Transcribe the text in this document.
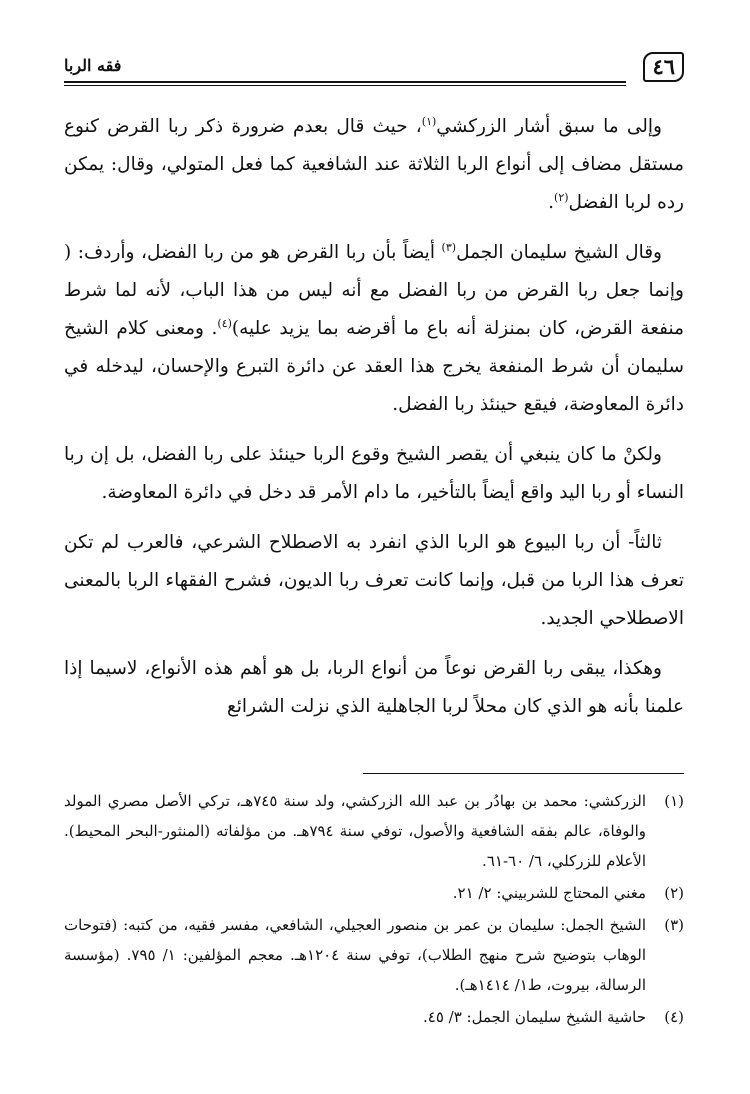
٤٦
فقه الربا

وإلى ما سبق أشار الزركشي$^{(١)}$، حيث قال بعدم ضرورة ذكر ربا القرض كنوع مستقل مضاف إلى أنواع الربا الثلاثة عند الشافعية كما فعل المتولي، وقال: يمكن رده لربا الفضل$^{(٢)}$.

وقال الشيخ سليمان الجمل$^{(٣)}$ أيضاً بأن ربا القرض هو من ربا الفضل، وأردف: ( وإنما جعل ربا القرض من ربا الفضل مع أنه ليس من هذا الباب، لأنه لما شرط منفعة القرض، كان بمنزلة أنه باع ما أقرضه بما يزيد عليه)$^{(٤)}$. ومعنى كلام الشيخ سليمان أن شرط المنفعة يخرج هذا العقد عن دائرة التبرع والإحسان، ليدخله في دائرة المعاوضة، فيقع حينئذ ربا الفضل.

ولكنْ ما كان ينبغي أن يقصر الشيخ وقوع الربا حينئذ على ربا الفضل، بل إن ربا النساء أو ربا اليد واقع أيضاً بالتأخير، ما دام الأمر قد دخل في دائرة المعاوضة.

ثالثاً- أن ربا البيوع هو الربا الذي انفرد به الاصطلاح الشرعي، فالعرب لم تكن تعرف هذا الربا من قبل، وإنما كانت تعرف ربا الديون، فشرح الفقهاء الربا بالمعنى الاصطلاحي الجديد.

وهكذا، يبقى ربا القرض نوعاً من أنواع الربا، بل هو أهم هذه الأنواع، لاسيما إذا علمنا بأنه هو الذي كان محلاً لربا الجاهلية الذي نزلت الشرائع

(١)
الزركشي: محمد بن بهادُر بن عبد الله الزركشي، ولد سنة ٧٤٥هـ، تركي الأصل مصري المولد والوفاة، عالم بفقه الشافعية والأصول، توفي سنة ٧٩٤هـ. من مؤلفاته (المنثور-البحر المحيط). الأعلام للزركلي، ٦/ ٦٠-٦١.
(٢)
مغني المحتاج للشربيني: ٢/ ٢١.
(٣)
الشيخ الجمل: سليمان بن عمر بن منصور العجيلي، الشافعي، مفسر فقيه، من كتبه: (فتوحات الوهاب بتوضيح شرح منهج الطلاب)، توفي سنة ١٢٠٤هـ. معجم المؤلفين: ١/ ٧٩٥. (مؤسسة الرسالة، بيروت، ط١/ ١٤١٤هـ).
(٤)
حاشية الشيخ سليمان الجمل: ٣/ ٤٥.
